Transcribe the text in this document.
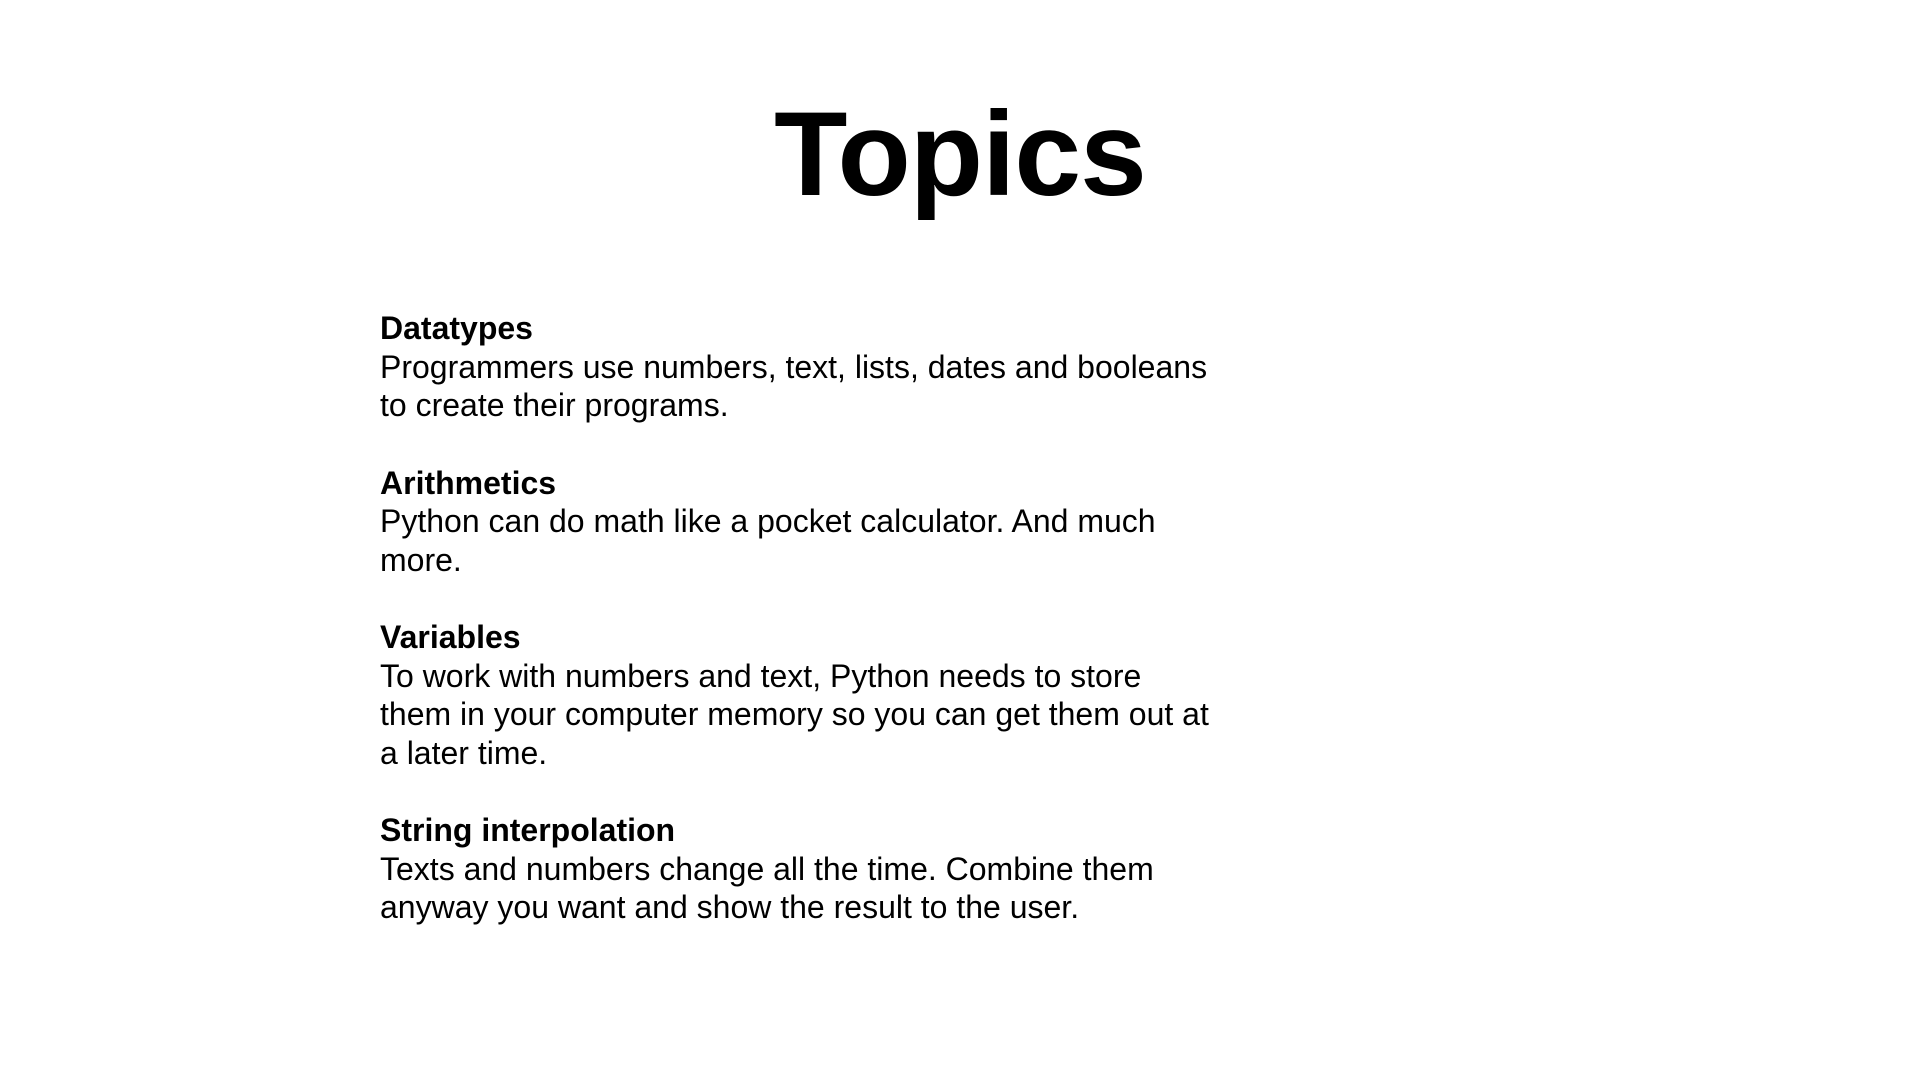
Topics
Datatypes
Programmers use numbers, text, lists, dates and booleans to create their programs.
Arithmetics
Python can do math like a pocket calculator. And much more.
Variables
To work with numbers and text, Python needs to store them in your computer memory so you can get them out at a later time.
String interpolation
Texts and numbers change all the time. Combine them anyway you want and show the result to the user.
